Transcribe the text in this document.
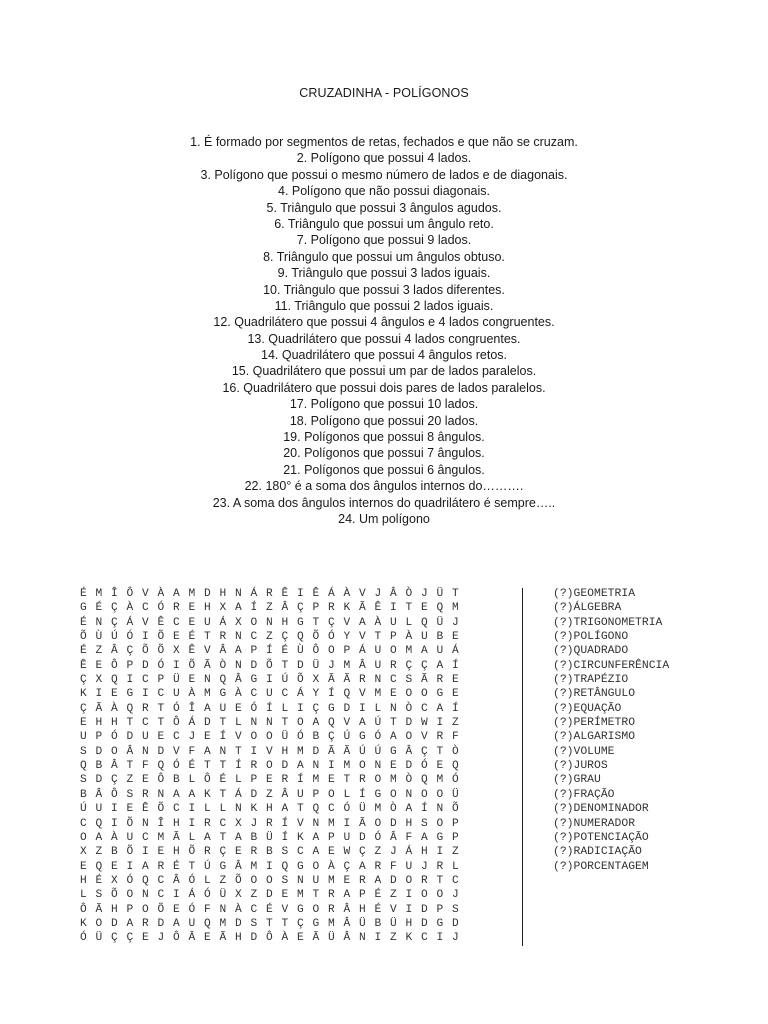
CRUZADINHA - POLÍGONOS
1. É formado por segmentos de retas, fechados e que não se cruzam.
2. Polígono que possui 4 lados.
3. Polígono que possui o mesmo número de lados e de diagonais.
4. Polígono que não possui diagonais.
5. Triângulo que possui 3 ângulos agudos.
6. Triângulo que possui um ângulo reto.
7. Polígono que possui 9 lados.
8. Triângulo que possui um ângulos obtuso.
9. Triângulo que possui 3 lados iguais.
10. Triângulo que possui 3 lados diferentes.
11. Triângulo que possui 2 lados iguais.
12. Quadrilátero que possui 4 ângulos e 4 lados congruentes.
13. Quadrilátero que possui 4 lados congruentes.
14. Quadrilátero que possui 4 ângulos retos.
15. Quadrilátero que possui um par de lados paralelos.
16. Quadrilátero que possui dois pares de lados paralelos.
17. Polígono que possui 10 lados.
18. Polígono que possui 20 lados.
19. Polígonos que possui 8 ângulos.
20. Polígonos que possui 7 ângulos.
21. Polígonos que possui 6 ângulos.
22. 180° é a soma dos ângulos internos do……….
23. A soma dos ângulos internos do quadrilátero é sempre…..
24. Um polígono
É M Î Ô V À A M D H N Á R Ê I Ê Á À V J Â Ò J Ü T
G É Ç À C Ó R E H X A Í Z Â Ç P R K Ã Ê I T E Q M
É N Ç Á V Ê C E U Á X O N H G T Ç V A À U L Q Ü J
Õ Ù Ú Ó I Õ E É T R N C Z Ç Q Õ Ó Y V T P À U B E
É Z Â Ç Õ Õ X Ê V Â A P Í É Ù Ô O P Á U O M A U Á
Ê E Ô P D Ó I Õ Ã Ò N D Õ T D Ü J M Â U R Ç Ç A Í
Ç X Q I C P Ü E N Q Â G I Ú Õ X Ã Ã R N C S Ã R E
K I E G I C U À M G À C U C Á Y Í Q V M E O O G E
Ç Ã À Q R T Ó Î A U E Ó Í L I Ç G D I L N Ò C A Í
E H H T C T Ô Á D T L N N T O A Q V A Ú T D W I Z
U P Ó D U E C J E Í V O O Ü Ó B Ç Ú G Ó A O V R F
S D O Â N D V F A N T I V H M D Ã Ã Ú Ú G Â Ç T Ò
Q B Â T F Q Ó É T T Í R O D A N I M O N E D Ó E Q
S D Ç Z E Ô B L Ô É L P E R Í M E T R O M Ò Q M Ó
B Â Ô S R N A A K T Á D Z Â U P O L Í G O N O O Ü
Ú U I E Ê Õ C I L L N K H A T Q C Ó Ü M Ò A Í N Õ
C Q I Õ N Î H I R C X J R Í V N M I Ã O D H S O P
O A À U C M Ã L A T A B Ü Í K A P U D Ó Â F A G P
X Z B Õ I E H Õ R Ç E R B S C A E W Ç Z J Á H I Z
E Q E I A R É T Ú G Â M I Q G O À Ç A R F U J R L
H É X Ó Q C Â Ó L Z Õ O O S N U M E R A D O R T C
L S Õ O N C I Á Ó Ü X Z D E M T R A P É Z I O O J
Ô Ã H P O Õ E Ó F N À C É V G O R Â H É V I D P S
K O D A R D A U Q M D S T T Ç G M Â Ü B Ü H D G D
Ó Ü Ç Ç E J Ô Â E Ã H D Ô À E Ã Ü Â N I Z K C I J
(?)GEOMETRIA
(?)ÁLGEBRA
(?)TRIGONOMETRIA
(?)POLÍGONO
(?)QUADRADO
(?)CIRCUNFERÊNCIA
(?)TRAPÉZIO
(?)RETÂNGULO
(?)EQUAÇÃO
(?)PERÍMETRO
(?)ALGARISMO
(?)VOLUME
(?)JUROS
(?)GRAU
(?)FRAÇÃO
(?)DENOMINADOR
(?)NUMERADOR
(?)POTENCIAÇÃO
(?)RADICIAÇÃO
(?)PORCENTAGEM
